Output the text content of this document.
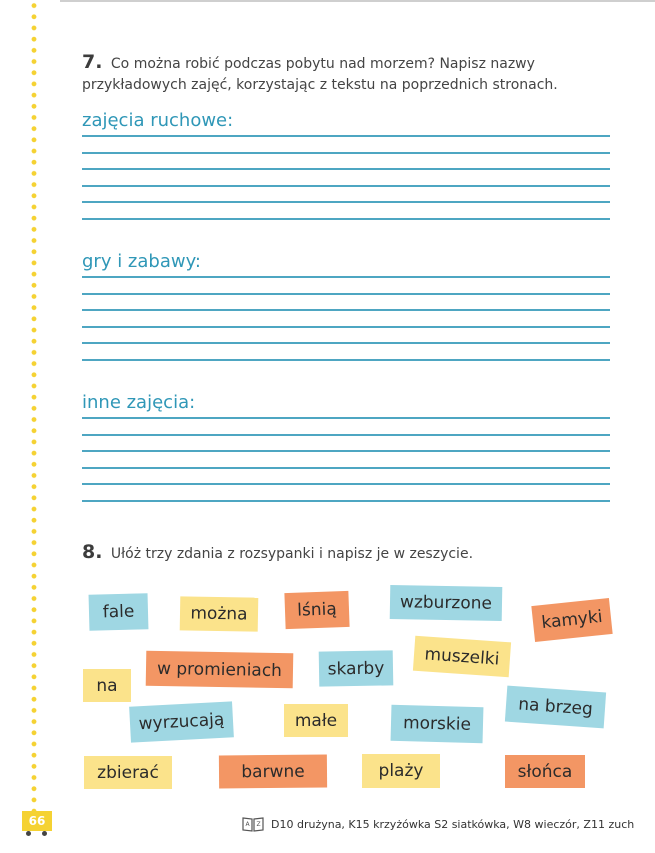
7. Co można robić podczas pobytu nad morzem? Napisz nazwy przykładowych zajęć, korzystając z tekstu na poprzednich stronach.
zajęcia ruchowe:
gry i zabawy:
inne zajęcia:
8. Ułóż trzy zdania z rozsypanki i napisz je w zeszycie.
fale	można	lśnią	wzburzone
kamyki
muszelki
na
w promieniach	skarby
na brzeg
wyrzucają	małe	morskie
zbierać	barwne	plaży	słońca
66	A Z D10 drużyna, K15 krzyżówka S2 siatkówka, W8 wieczór, Z11 zuch
